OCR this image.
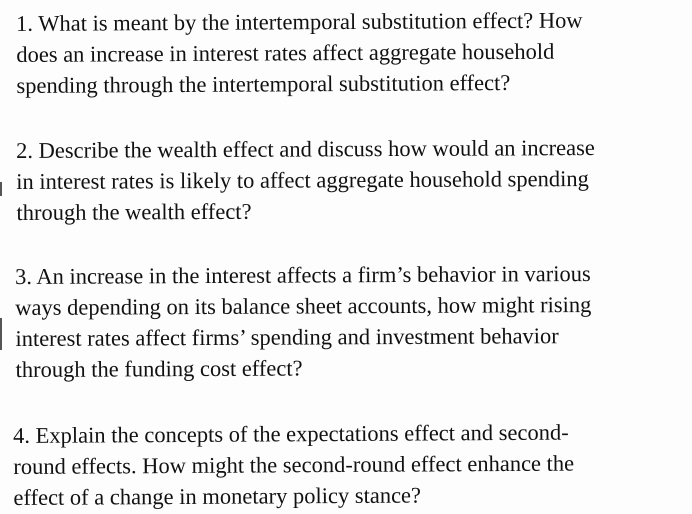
1. What is meant by the intertemporal substitution effect? How
does an increase in interest rates affect aggregate household
spending through the intertemporal substitution effect?
2. Describe the wealth effect and discuss how would an increase
in interest rates is likely to affect aggregate household spending
through the wealth effect?
3. An increase in the interest affects a firm’s behavior in various
ways depending on its balance sheet accounts, how might rising
interest rates affect firms’ spending and investment behavior
through the funding cost effect?
4. Explain the concepts of the expectations effect and second-
round effects. How might the second-round effect enhance the
effect of a change in monetary policy stance?
